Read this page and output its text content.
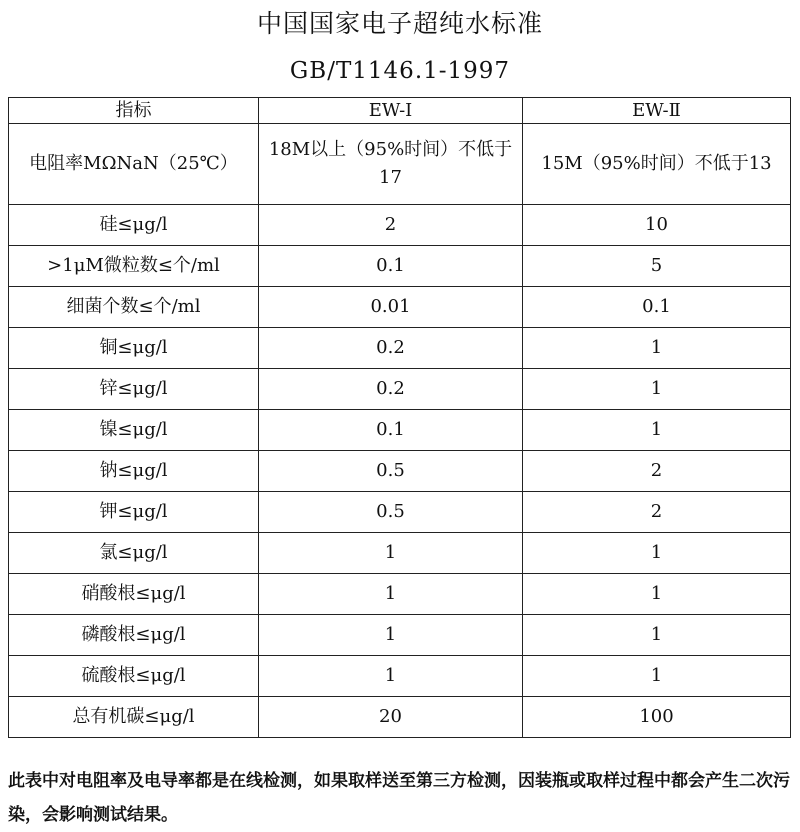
中国国家电子超纯水标准
GB/T1146.1-1997
指标	EW-Ⅰ	EW-Ⅱ
电阻率MΩNaN（25℃）	18M以上（95%时间）不低于17	15M（95%时间）不低于13
硅≤μg/l	2	10
>1μM微粒数≤个/ml	0.1	5
细菌个数≤个/ml	0.01	0.1
铜≤μg/l	0.2	1
锌≤μg/l	0.2	1
镍≤μg/l	0.1	1
钠≤μg/l	0.5	2
钾≤μg/l	0.5	2
氯≤μg/l	1	1
硝酸根≤μg/l	1	1
磷酸根≤μg/l	1	1
硫酸根≤μg/l	1	1
总有机碳≤μg/l	20	100
此表中对电阻率及电导率都是在线检测，如果取样送至第三方检测，因装瓶或取样过程中都会产生二次污染，会影响测试结果。
